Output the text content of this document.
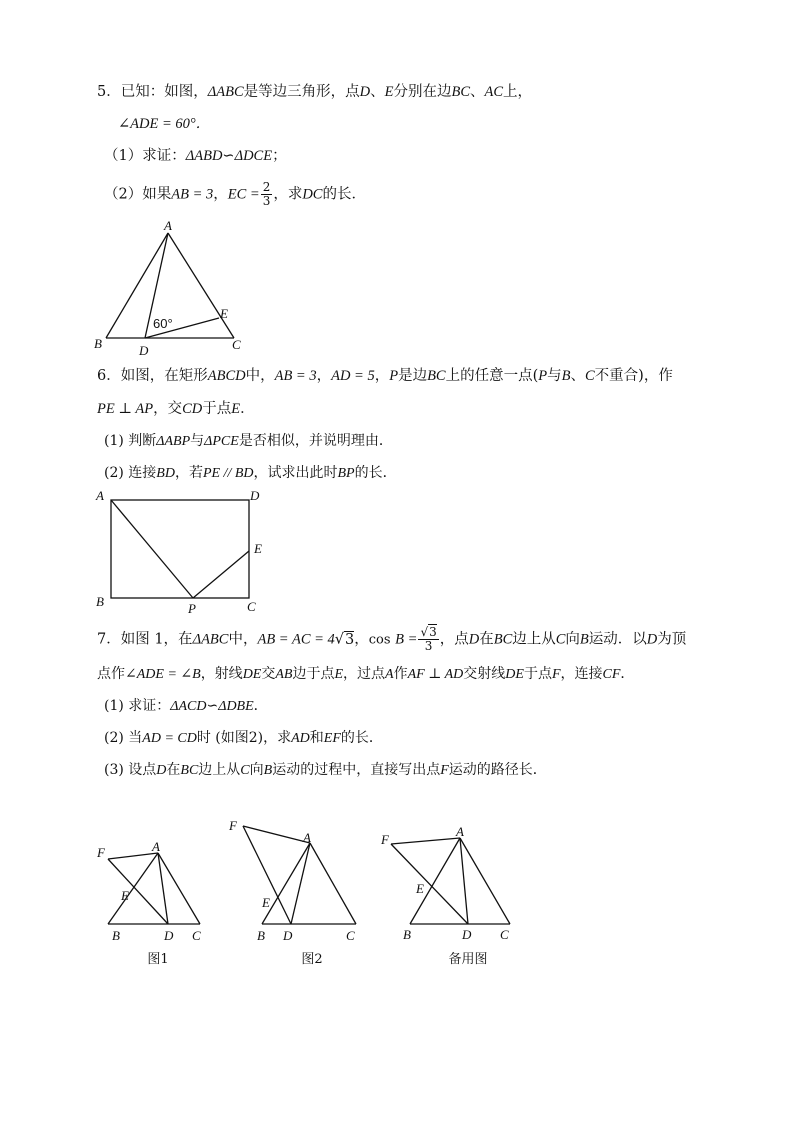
5．已知：如图，ΔABC是等边三角形，点D、E分别在边BC、AC上，
∠ADE = 60°．
（1）求证：ΔABD∽ΔDCE；
（2）如果AB = 3，EC = $\frac{2}{3}$ ，求DC的长．
A
B	C
D
E
60°
6．如图，在矩形ABCD中，AB = 3，AD = 5，P是边BC上的任意一点(P与B、C不重合)，作
PE ⊥ AP，交CD于点E．
(1) 判断ΔABP与ΔPCE是否相似，并说明理由．
(2) 连接BD，若PE // BD，试求出此时BP的长．
A
B	C
D
E
P
7．如图 1，在ΔABC中，AB = AC = 4√3，$\cos B = \frac{√3}{3}$ ，点D在BC边上从C向B运动．以D为顶
点作∠ADE = ∠B，射线DE交AB边于点E，过点A作AF ⊥ AD交射线DE于点F，连接CF．
(1) 求证：ΔACD∽ΔDBE．
(2) 当AD = CD时 (如图2)，求AD和EF的长．
(3) 设点D在BC边上从C向B运动的过程中，直接写出点F运动的路径长．
A
B	C
D
E
F
图1
A
B	C
D
E
F
图2
A
B	C
D
E
F
备用图
